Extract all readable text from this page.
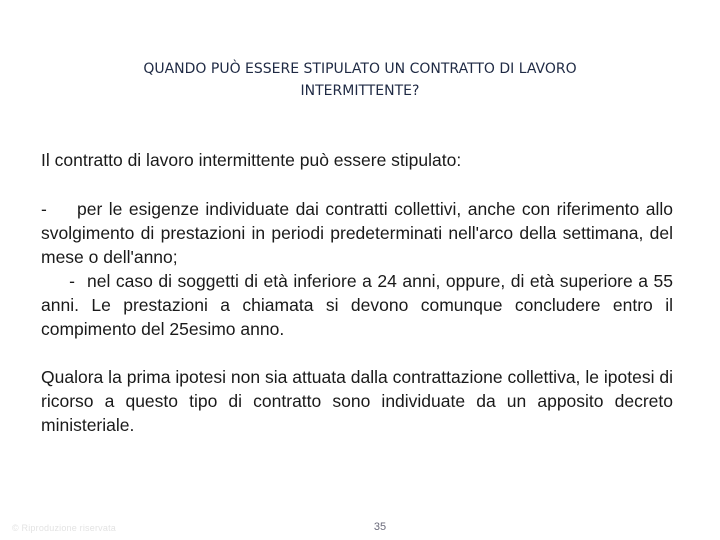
QUANDO PUÒ ESSERE STIPULATO UN CONTRATTO DI LAVORO
INTERMITTENTE?
Il contratto di lavoro intermittente può essere stipulato:
- per le esigenze individuate dai contratti collettivi, anche con riferimento allo svolgimento di prestazioni in periodi predeterminati nell'arco della settimana, del mese o dell'anno;
- nel caso di soggetti di età inferiore a 24 anni, oppure, di età superiore a 55 anni. Le prestazioni a chiamata si devono comunque concludere entro il compimento del 25esimo anno.
Qualora la prima ipotesi non sia attuata dalla contrattazione collettiva, le ipotesi di ricorso a questo tipo di contratto sono individuate da un apposito decreto ministeriale.
© Riproduzione riservata	35
